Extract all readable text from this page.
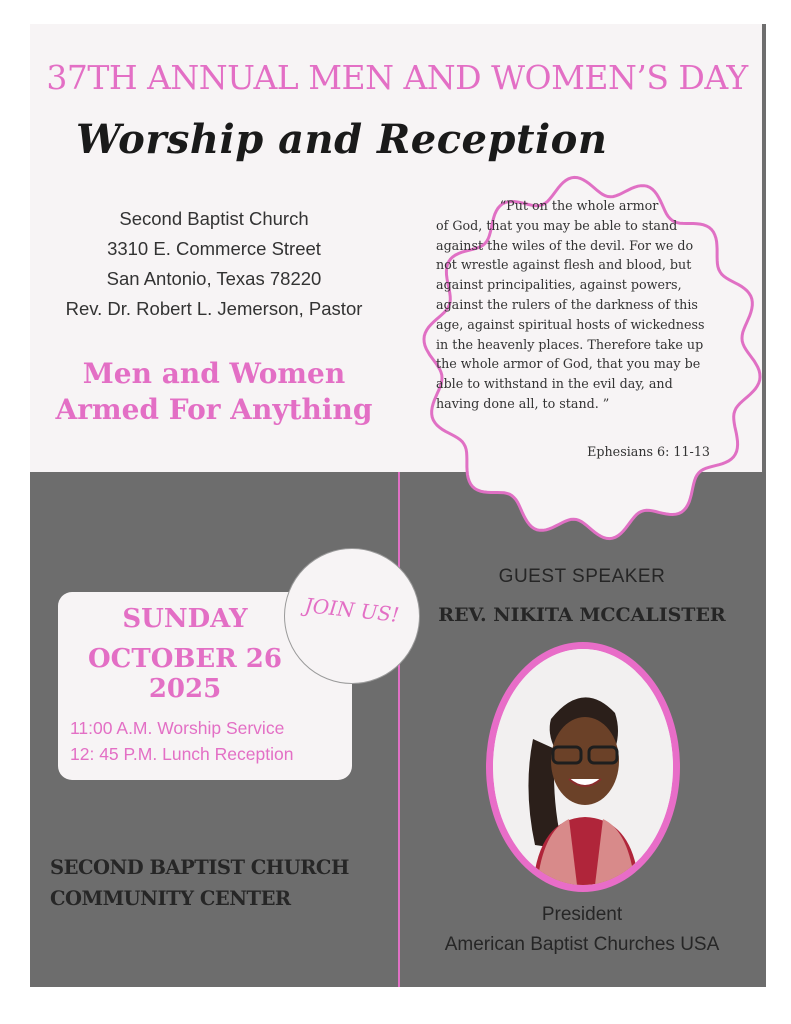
37TH ANNUAL MEN AND WOMEN’S DAY
Worship and Reception
Second Baptist Church
3310 E. Commerce Street
San Antonio, Texas 78220
Rev. Dr. Robert L. Jemerson, Pastor
Men and Women
Armed For Anything
“Put on the whole armor
of God, that you may be able to stand
against the wiles of the devil. For we do
not wrestle against flesh and blood, but
against principalities, against powers,
against the rulers of the darkness of this
age, against spiritual hosts of wickedness
in the heavenly places. Therefore take up
the whole armor of God, that you may be
able to withstand in the evil day, and
having done all, to stand. ”
Ephesians 6: 11-13
SUNDAY
OCTOBER 26
2025
11:00 A.M. Worship Service
12: 45 P.M. Lunch Reception
JOIN US!
SECOND BAPTIST CHURCH
COMMUNITY CENTER
GUEST SPEAKER
REV. NIKITA MCCALISTER
President
American Baptist Churches USA
